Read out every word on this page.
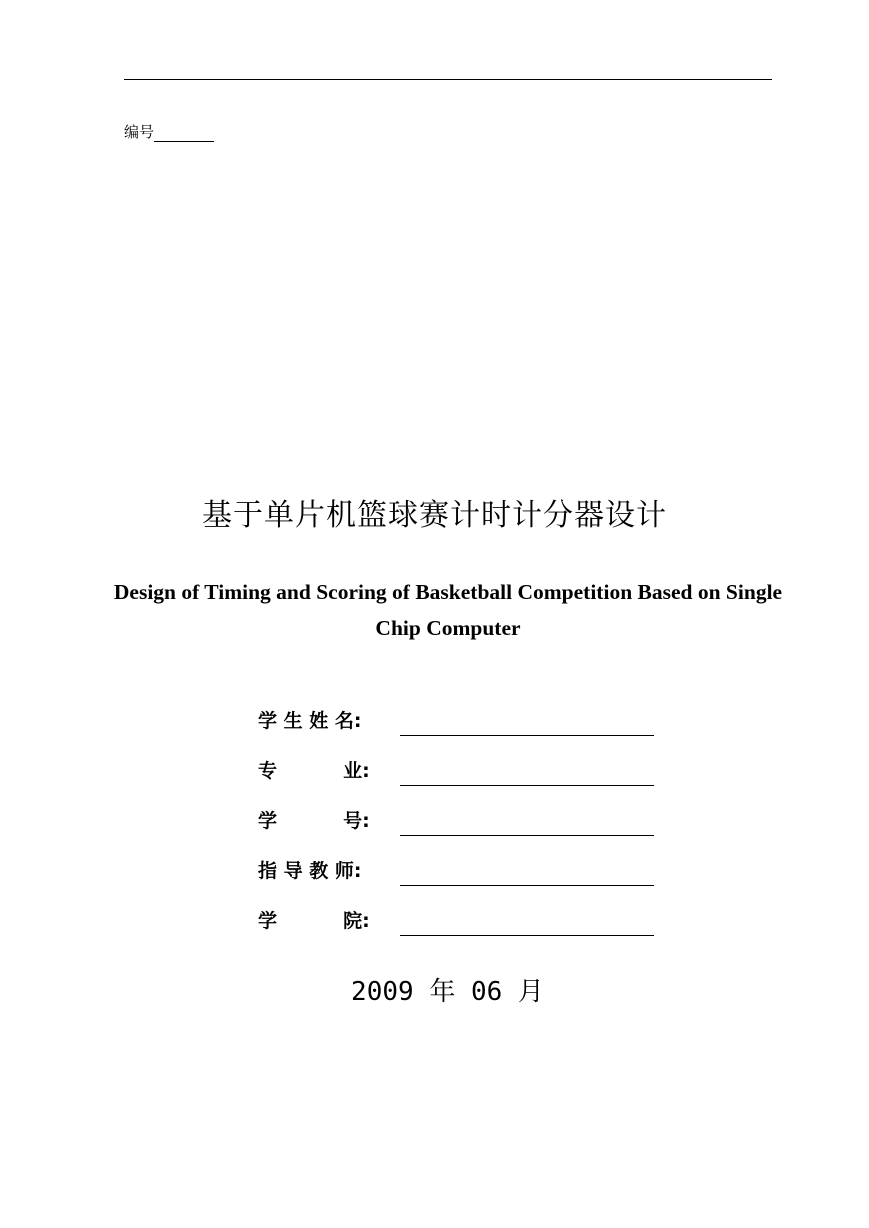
编号
基于单片机篮球赛计时计分器设计
Design of Timing and Scoring of Basketball Competition Based on Single Chip Computer
学 生 姓 名:
专          业:
学          号:
指 导 教 师:
学          院:
2009 年 06 月
